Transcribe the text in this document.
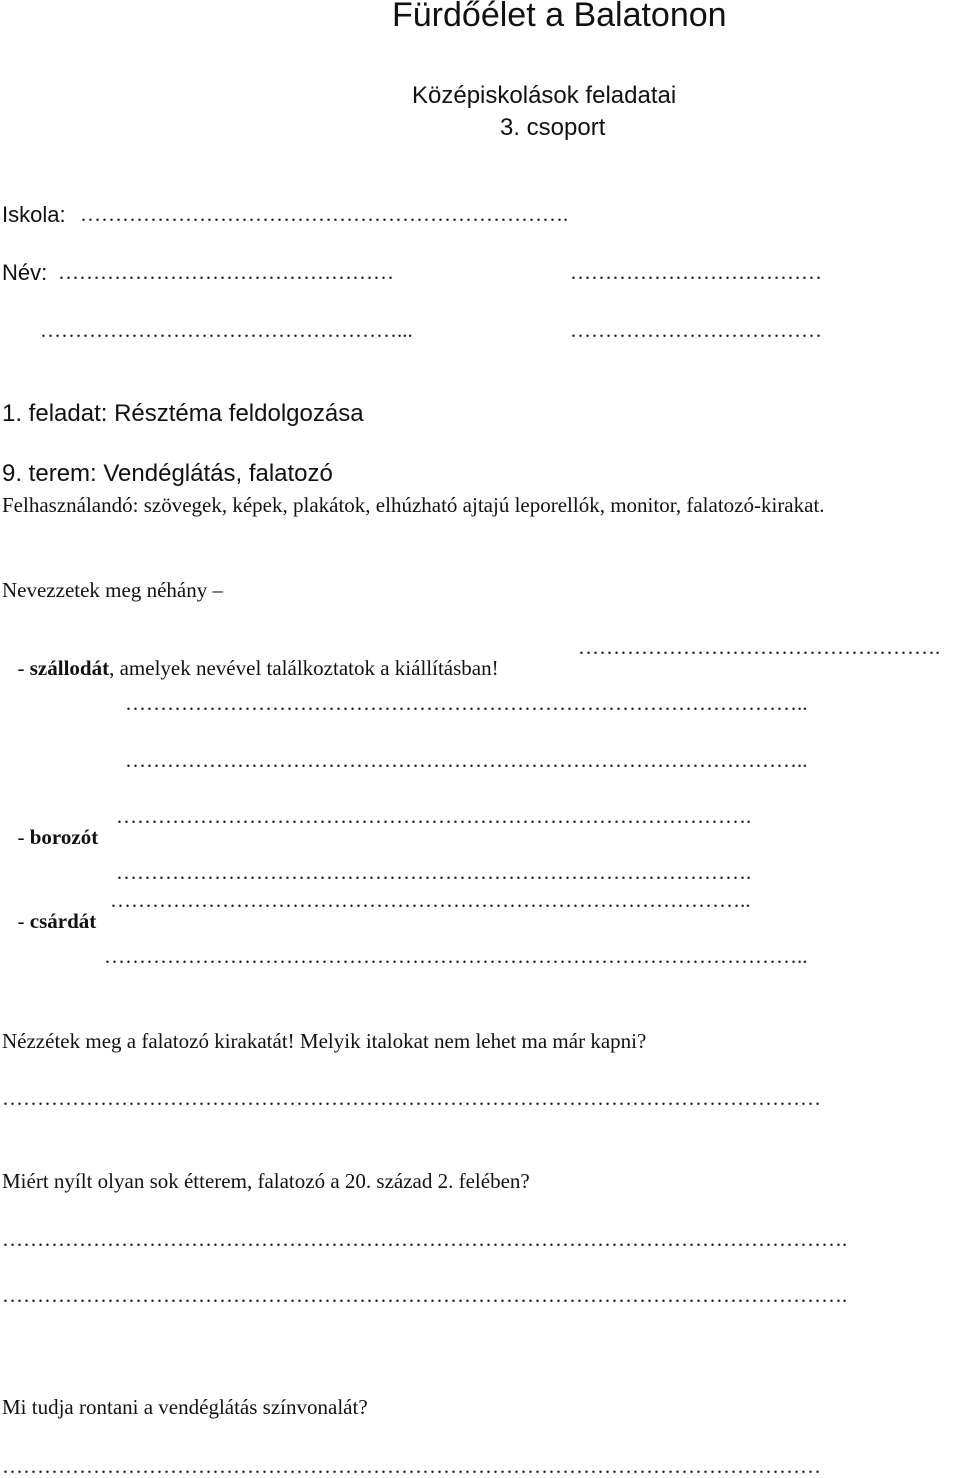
Fürdőélet a Balatonon
Középiskolások feladatai
3. csoport
Iskola: …………………………………………………………….
Név: …………………………………………	………………………………
……………………………………………...	………………………………
1. feladat: Résztéma feldolgozása
9. terem: Vendéglátás, falatozó
Felhasználandó: szövegek, képek, plakátok, elhúzható ajtajú leporellók, monitor, falatozó-kirakat.
Nevezzetek meg néhány –

- szállodát, amelyek nevével találkoztatok a kiállításban!

…………………………………………….
……………………………………………………………………………………..
……………………………………………………………………………………..

- borozót

……………………………………………………………………………….
……………………………………………………………………………….

- csárdát

………………………………………………………………………………..
………………………………………………………………………………………..
Nézzétek meg a falatozó kirakatát! Melyik italokat nem lehet ma már kapni?
………………………………………………………………………………………………………
Miért nyílt olyan sok étterem, falatozó a 20. század 2. felében?
………………………………………………………………………………………………………….
………………………………………………………………………………………………………….
Mi tudja rontani a vendéglátás színvonalát?
………………………………………………………………………………………………………
